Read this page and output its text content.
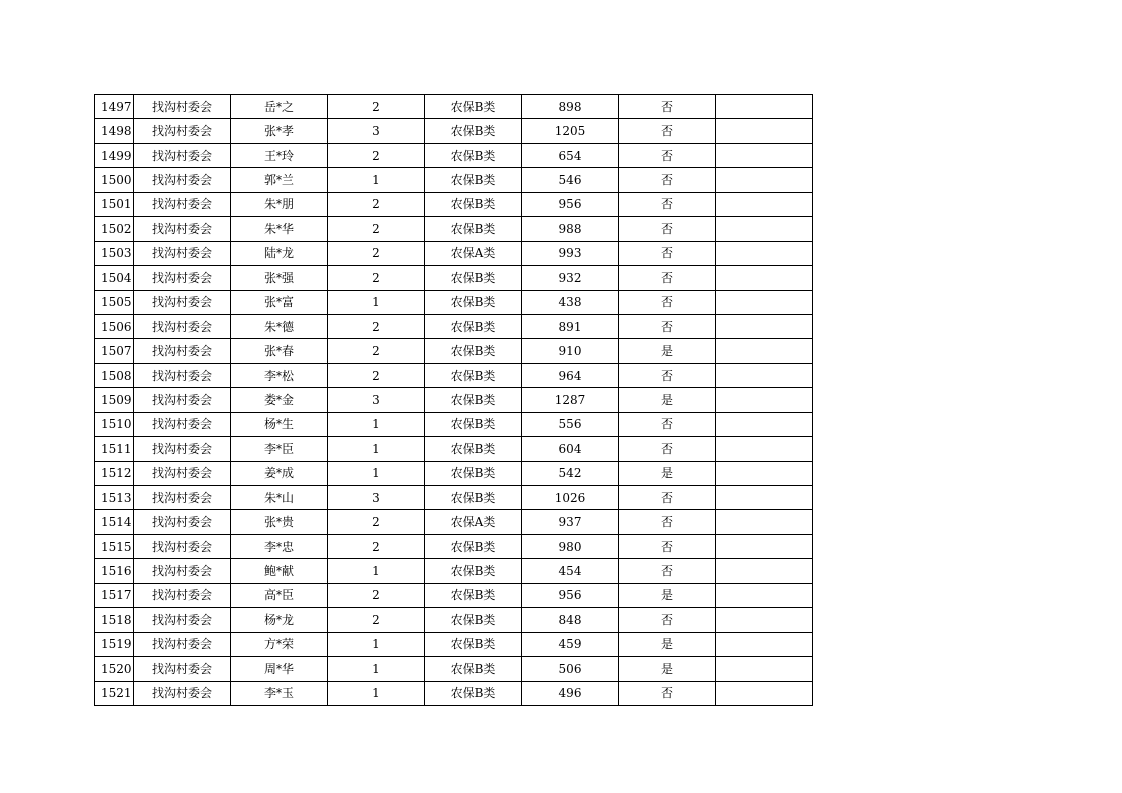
1497	找沟村委会	岳*之	2	农保B类	898	否	
1498	找沟村委会	张*孝	3	农保B类	1205	否	
1499	找沟村委会	王*玲	2	农保B类	654	否	
1500	找沟村委会	郭*兰	1	农保B类	546	否	
1501	找沟村委会	朱*朋	2	农保B类	956	否	
1502	找沟村委会	朱*华	2	农保B类	988	否	
1503	找沟村委会	陆*龙	2	农保A类	993	否	
1504	找沟村委会	张*强	2	农保B类	932	否	
1505	找沟村委会	张*富	1	农保B类	438	否	
1506	找沟村委会	朱*德	2	农保B类	891	否	
1507	找沟村委会	张*春	2	农保B类	910	是	
1508	找沟村委会	李*松	2	农保B类	964	否	
1509	找沟村委会	娄*金	3	农保B类	1287	是	
1510	找沟村委会	杨*生	1	农保B类	556	否	
1511	找沟村委会	李*臣	1	农保B类	604	否	
1512	找沟村委会	姜*成	1	农保B类	542	是	
1513	找沟村委会	朱*山	3	农保B类	1026	否	
1514	找沟村委会	张*贵	2	农保A类	937	否	
1515	找沟村委会	李*忠	2	农保B类	980	否	
1516	找沟村委会	鲍*献	1	农保B类	454	否	
1517	找沟村委会	高*臣	2	农保B类	956	是	
1518	找沟村委会	杨*龙	2	农保B类	848	否	
1519	找沟村委会	方*荣	1	农保B类	459	是	
1520	找沟村委会	周*华	1	农保B类	506	是	
1521	找沟村委会	李*玉	1	农保B类	496	否	
